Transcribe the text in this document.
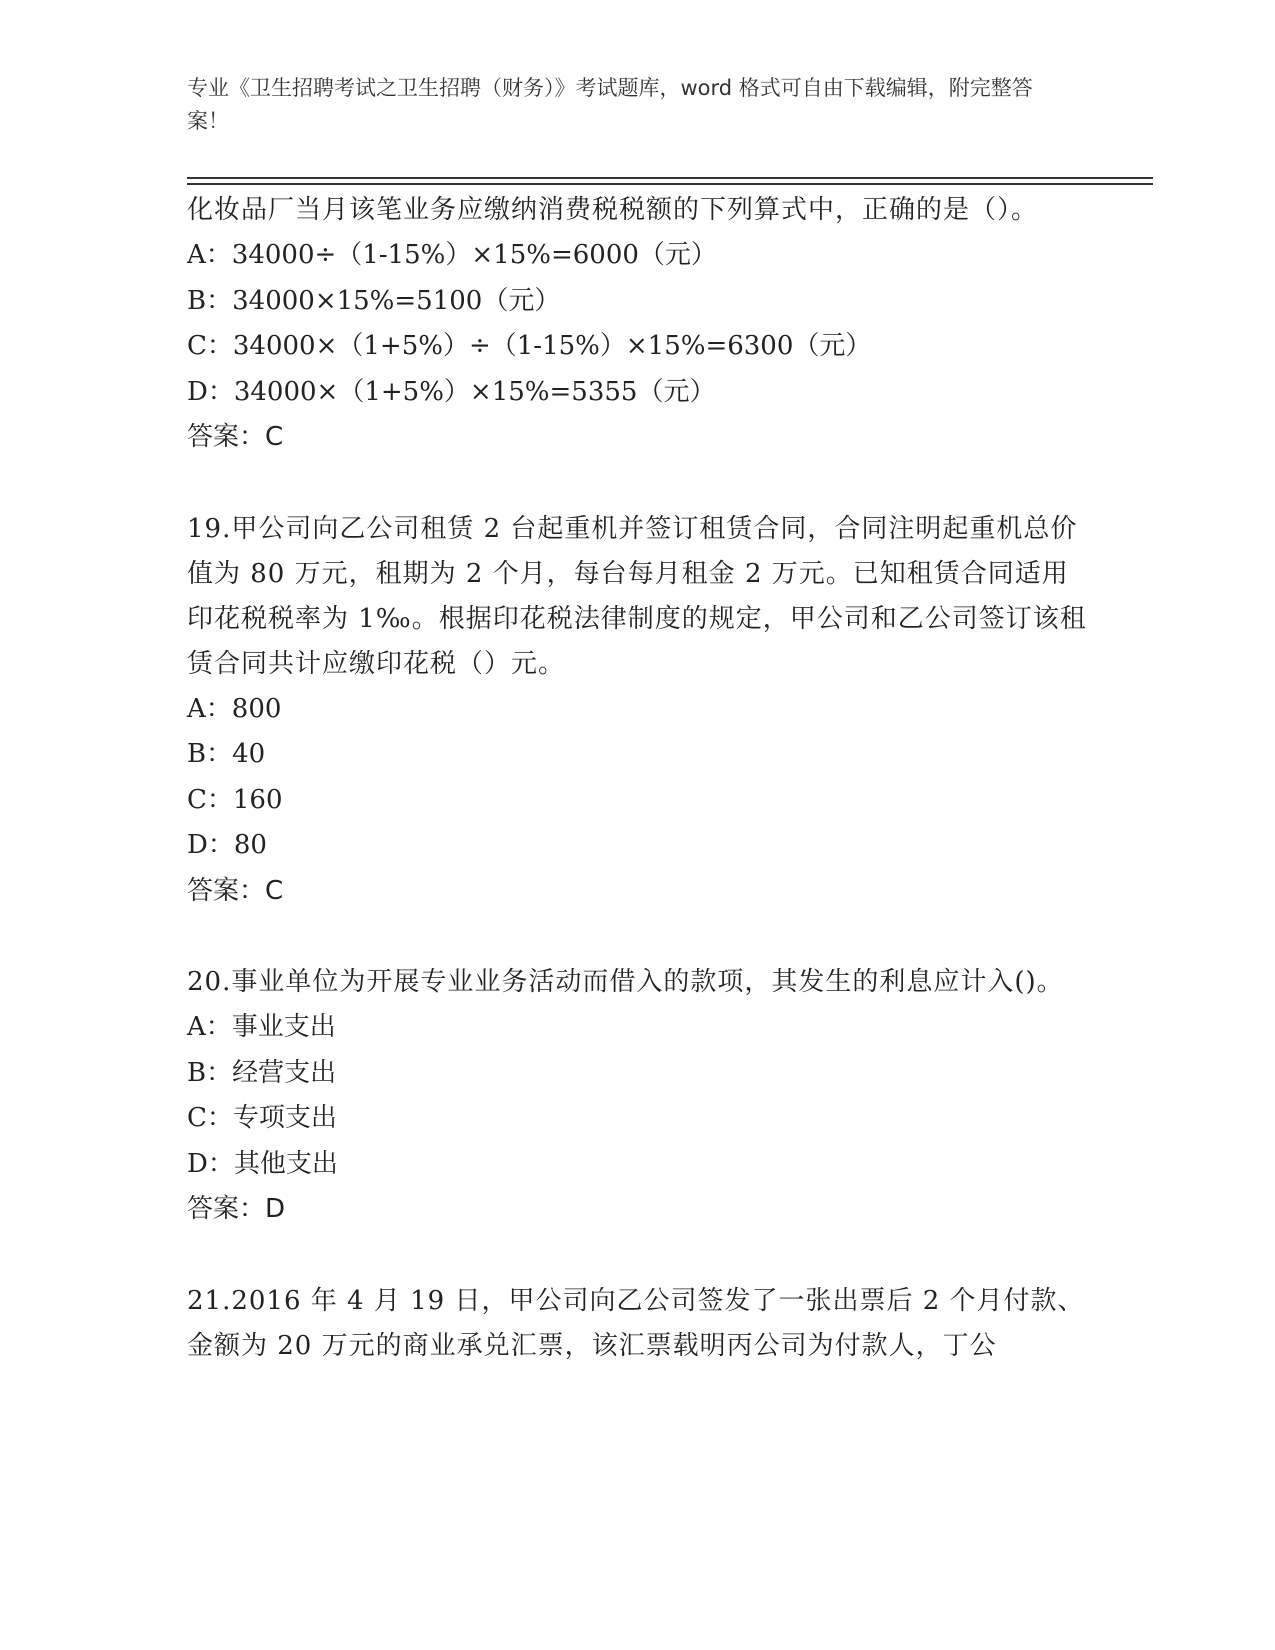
专业《卫生招聘考试之卫生招聘（财务）》考试题库，word 格式可自由下载编辑，附完整答案！
化妆品厂当月该笔业务应缴纳消费税税额的下列算式中，正确的是（）。
A：34000÷（1-15%）×15%=6000（元）
B：34000×15%=5100（元）
C：34000×（1+5%）÷（1-15%）×15%=6300（元）
D：34000×（1+5%）×15%=5355（元）
答案：C
19.甲公司向乙公司租赁 2 台起重机并签订租赁合同，合同注明起重机总价值为 80 万元，租期为 2 个月，每台每月租金 2 万元。已知租赁合同适用印花税税率为 1‰。根据印花税法律制度的规定，甲公司和乙公司签订该租赁合同共计应缴印花税（）元。
A：800
B：40
C：160
D：80
答案：C
20.事业单位为开展专业业务活动而借入的款项，其发生的利息应计入()。
A：事业支出
B：经营支出
C：专项支出
D：其他支出
答案：D
21.2016 年 4 月 19 日，甲公司向乙公司签发了一张出票后 2 个月付款、金额为 20 万元的商业承兑汇票，该汇票载明丙公司为付款人，丁公
